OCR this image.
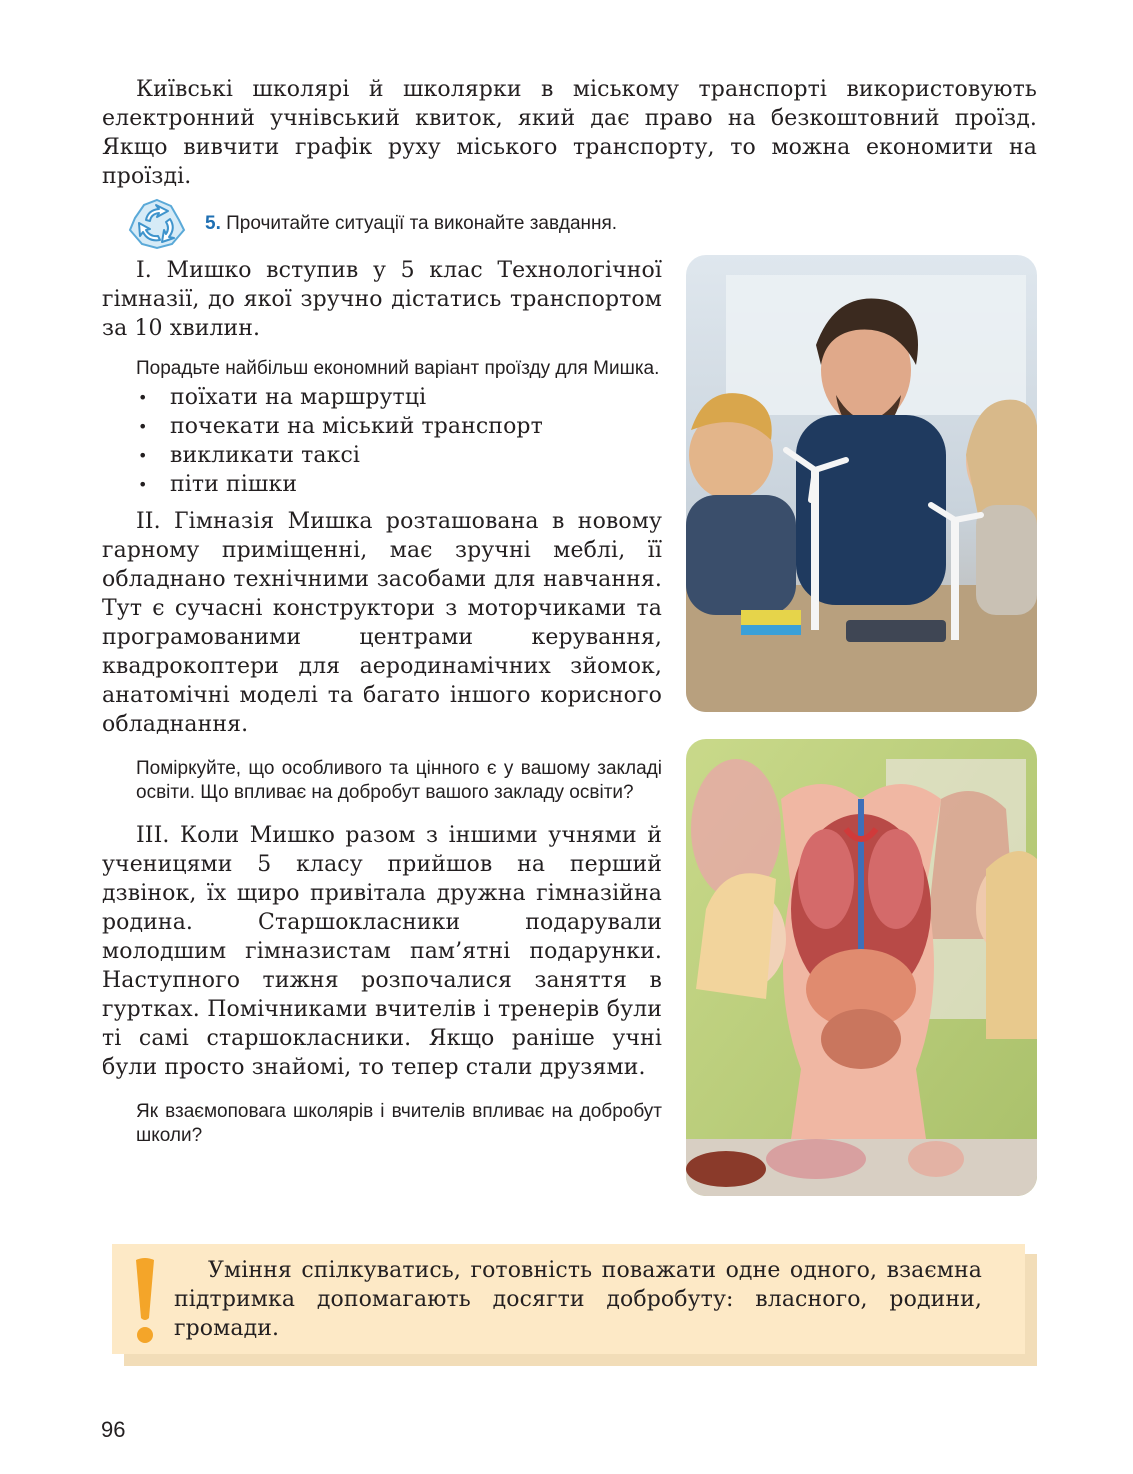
Київські школярі й школярки в міському транспорті використовують електронний учнівський квиток, який дає право на безкоштовний проїзд. Якщо вивчити графік руху міського транспорту, то можна економити на проїзді.
5. Прочитайте ситуації та виконайте завдання.

І. Мишко вступив у 5 клас Технологічної гімназії, до якої зручно дістатись транспортом за 10 хвилин.

Порадьте найбільш економний варіант проїзду для Мишка.

• поїхати на маршрутці
• почекати на міський транспорт
• викликати таксі
• піти пішки

ІІ. Гімназія Мишка розташована в новому гарному приміщенні, має зручні меблі, її обладнано технічними засобами для навчання. Тут є сучасні конструктори з моторчиками та програмованими центрами керування, квадрокоптери для аеродинамічних зйомок, анатомічні моделі та багато іншого корисного обладнання.

Поміркуйте, що особливого та цінного є у вашому закладі освіти. Що впливає на добробут вашого закладу освіти?

ІІІ. Коли Мишко разом з іншими учнями й ученицями 5 класу прийшов на перший дзвінок, їх щиро привітала дружна гімназійна родина. Старшокласники подарували молодшим гімназистам пам’ятні подарунки. Наступного тижня розпочалися заняття в гуртках. Помічниками вчителів і тренерів були ті самі старшокласники. Якщо раніше учні були просто знайомі, то тепер стали друзями.

Як взаємоповага школярів і вчителів впливає на добробут школи?

Уміння спілкуватись, готовність поважати одне одного, взаємна підтримка допомагають досягти добробуту: власного, родини, громади.
96
